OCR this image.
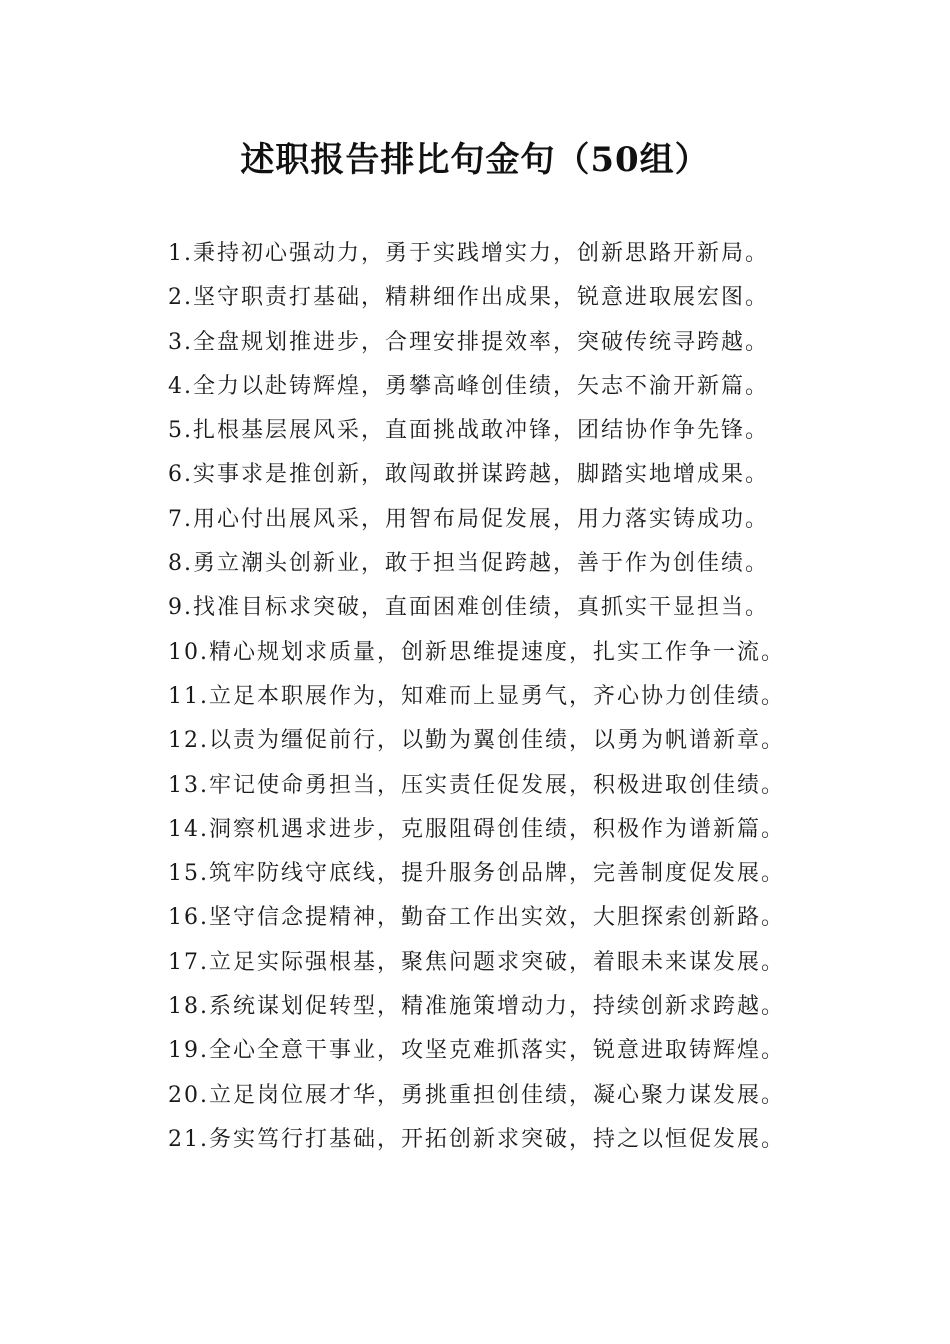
述职报告排比句金句（50组）
1.秉持初心强动力，勇于实践增实力，创新思路开新局。
2.坚守职责打基础，精耕细作出成果，锐意进取展宏图。
3.全盘规划推进步，合理安排提效率，突破传统寻跨越。
4.全力以赴铸辉煌，勇攀高峰创佳绩，矢志不渝开新篇。
5.扎根基层展风采，直面挑战敢冲锋，团结协作争先锋。
6.实事求是推创新，敢闯敢拼谋跨越，脚踏实地增成果。
7.用心付出展风采，用智布局促发展，用力落实铸成功。
8.勇立潮头创新业，敢于担当促跨越，善于作为创佳绩。
9.找准目标求突破，直面困难创佳绩，真抓实干显担当。
10.精心规划求质量，创新思维提速度，扎实工作争一流。
11.立足本职展作为，知难而上显勇气，齐心协力创佳绩。
12.以责为缰促前行，以勤为翼创佳绩，以勇为帆谱新章。
13.牢记使命勇担当，压实责任促发展，积极进取创佳绩。
14.洞察机遇求进步，克服阻碍创佳绩，积极作为谱新篇。
15.筑牢防线守底线，提升服务创品牌，完善制度促发展。
16.坚守信念提精神，勤奋工作出实效，大胆探索创新路。
17.立足实际强根基，聚焦问题求突破，着眼未来谋发展。
18.系统谋划促转型，精准施策增动力，持续创新求跨越。
19.全心全意干事业，攻坚克难抓落实，锐意进取铸辉煌。
20.立足岗位展才华，勇挑重担创佳绩，凝心聚力谋发展。
21.务实笃行打基础，开拓创新求突破，持之以恒促发展。
